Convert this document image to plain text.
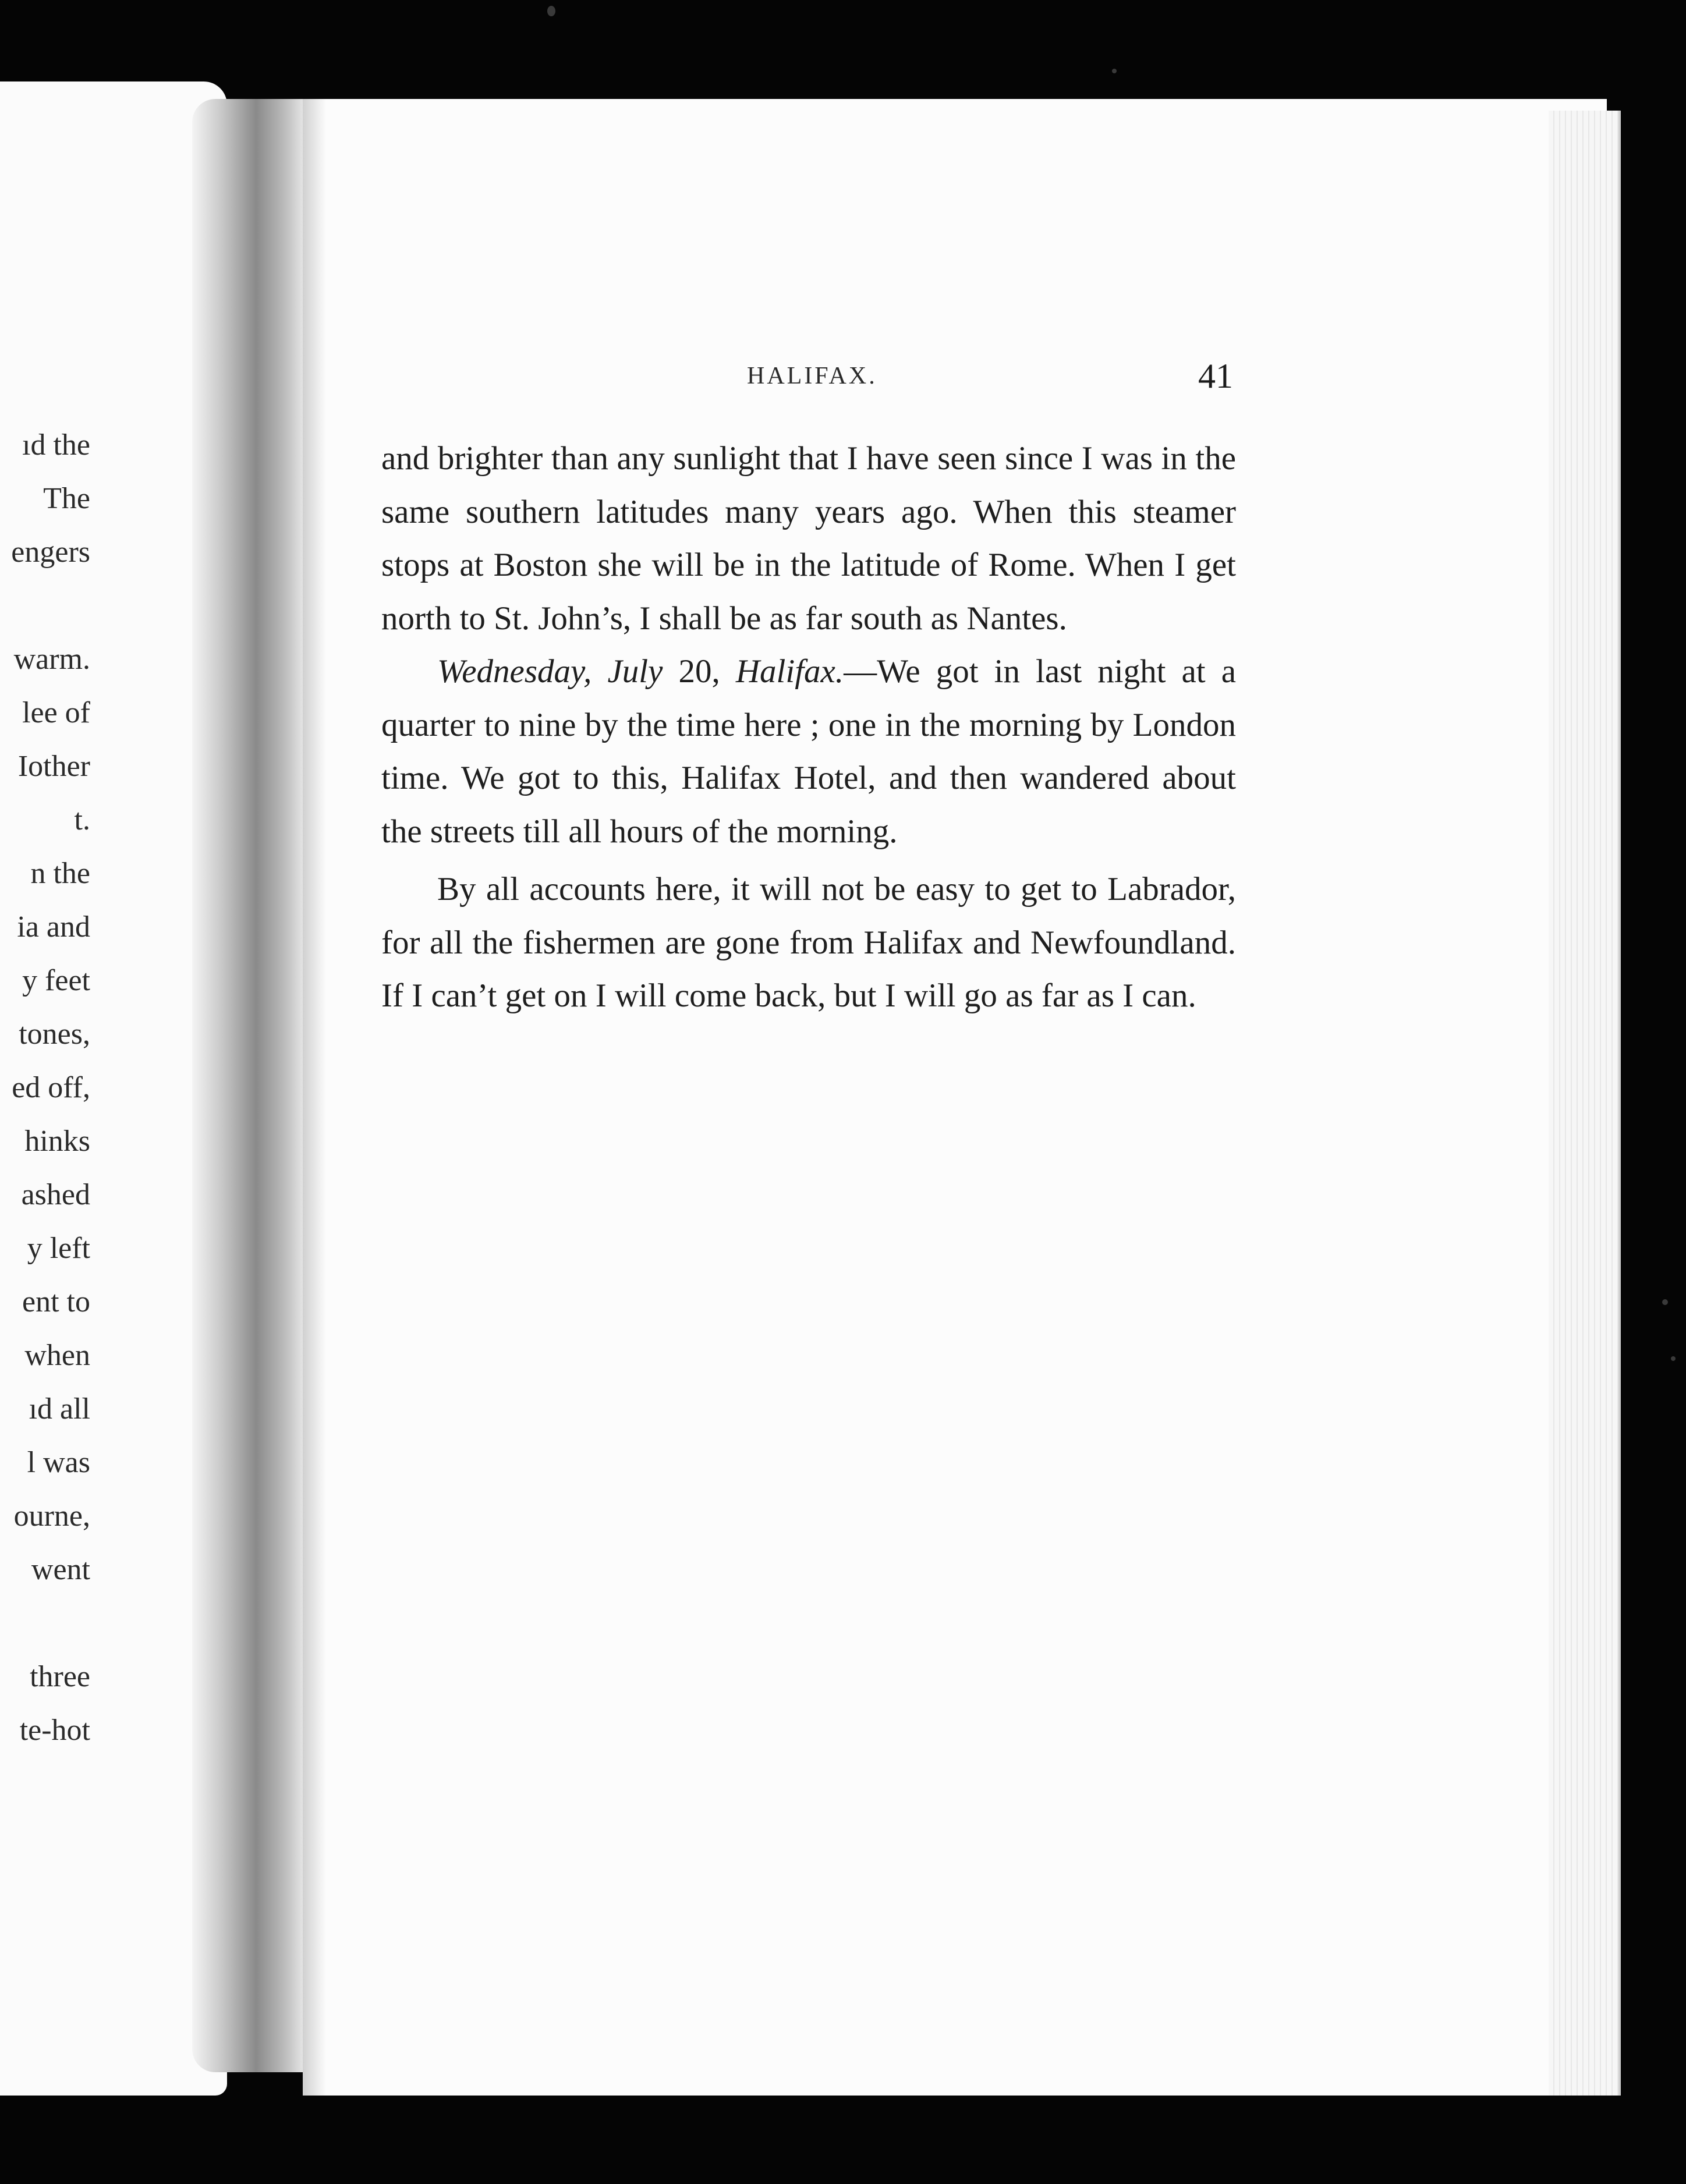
ıd the
The
engers
warm.
lee of
Iother
t.
n the
ia and
y feet
tones,
ed off,
hinks
ashed
y left
ent to
when
ıd all
l was
ourne,
went
three
te-hot
HALIFAX.	41

and brighter than any sunlight that I have seen since I was in the same southern latitudes many years ago. When this steamer stops at Boston she will be in the latitude of Rome. When I get north to St. John’s, I shall be as far south as Nantes.

Wednesday, July 20, Halifax.—We got in last night at a quarter to nine by the time here ; one in the morning by London time. We got to this, Halifax Hotel, and then wandered about the streets till all hours of the morning.

By all accounts here, it will not be easy to get to Labrador, for all the fishermen are gone from Halifax and Newfoundland. If I can’t get on I will come back, but I will go as far as I can.
